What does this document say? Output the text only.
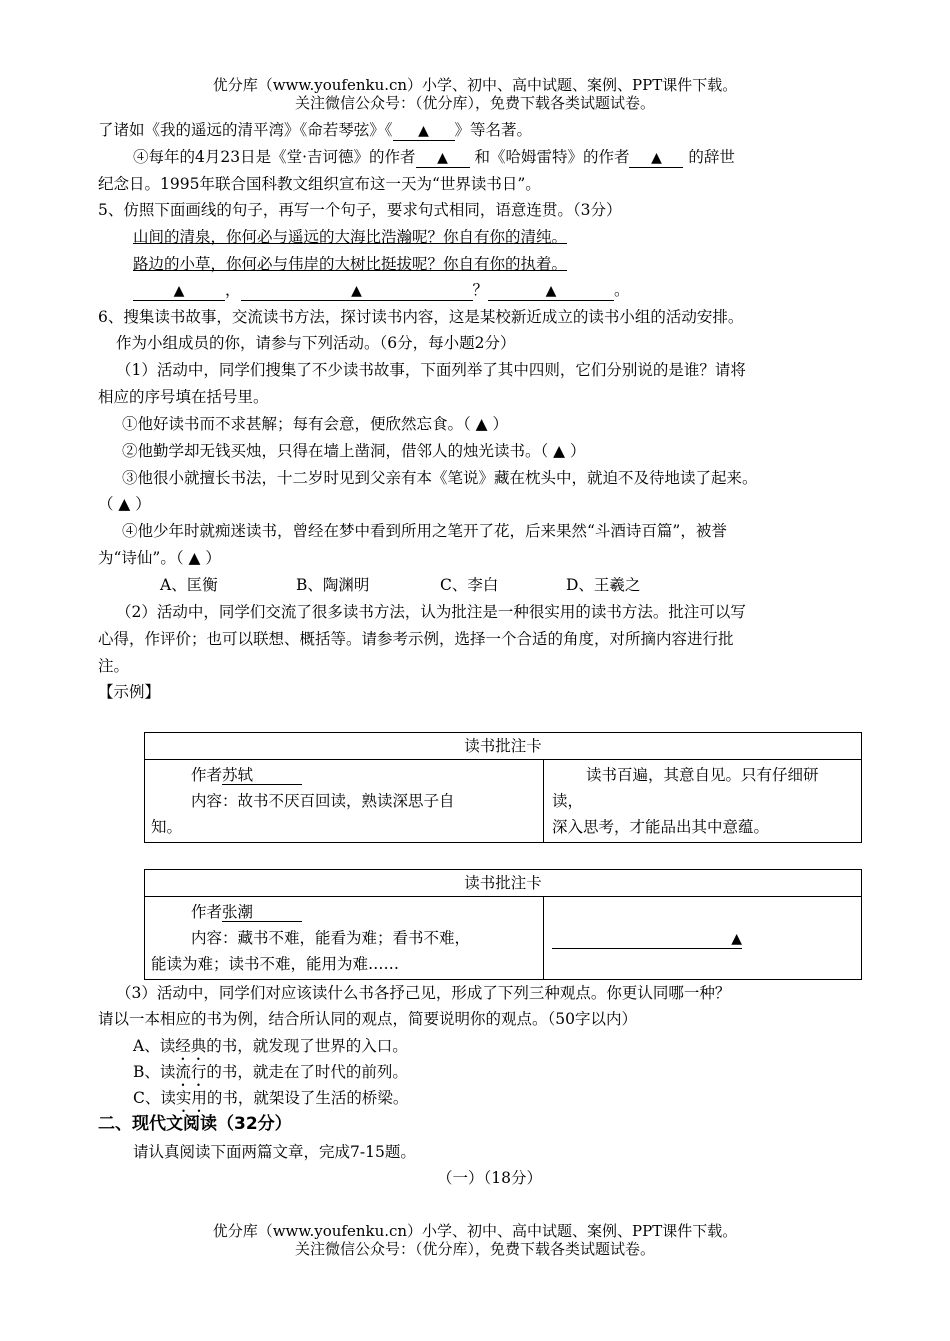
优分库（www.youfenku.cn）小学、初中、高中试题、案例、PPT课件下载。
关注微信公众号：（优分库），免费下载各类试题试卷。
了诸如《我的遥远的清平湾》《命若琴弦》《 ▲ 》等名著。
④每年的4月23日是《堂·吉诃德》的作者 ▲ 和《哈姆雷特》的作者 ▲ 的辞世
纪念日。1995年联合国科教文组织宣布这一天为“世界读书日”。
5、仿照下面画线的句子，再写一个句子，要求句式相同，语意连贯。（3分）
山间的清泉，你何必与遥远的大海比浩瀚呢？你自有你的清纯。
路边的小草，你何必与伟岸的大树比挺拔呢？你自有你的执着。
▲	，	▲	？	▲	。
6、搜集读书故事，交流读书方法，探讨读书内容，这是某校新近成立的读书小组的活动安排。
作为小组成员的你，请参与下列活动。（6分，每小题2分）
（1）活动中，同学们搜集了不少读书故事，下面列举了其中四则，它们分别说的是谁？请将
相应的序号填在括号里。
①他好读书而不求甚解；每有会意，便欣然忘食。（ ▲ ）
②他勤学却无钱买烛，只得在墙上凿洞，借邻人的烛光读书。（ ▲ ）
③他很小就擅长书法，十二岁时见到父亲有本《笔说》藏在枕头中，就迫不及待地读了起来。
（ ▲ ）
④他少年时就痴迷读书，曾经在梦中看到所用之笔开了花，后来果然“斗酒诗百篇”，被誉
为“诗仙”。（ ▲ ）
A、匡衡	B、陶渊明	C、李白	D、王羲之
（2）活动中，同学们交流了很多读书方法，认为批注是一种很实用的读书方法。批注可以写
心得，作评价；也可以联想、概括等。请参考示例，选择一个合适的角度，对所摘内容进行批
注。
【示例】
读书批注卡

作者苏轼
内容：故书不厌百回读，熟读深思子自
知。

读书百遍，其意自见。只有仔细研
读，
深入思考，才能品出其中意蕴。
读书批注卡

作者张潮
内容：藏书不难，能看为难；看书不难，
能读为难；读书不难，能用为难……

▲
（3）活动中，同学们对应该读什么书各抒己见，形成了下列三种观点。你更认同哪一种？
请以一本相应的书为例，结合所认同的观点，简要说明你的观点。（50字以内）
A、读经典的书，就发现了世界的入口。
B、读流行的书，就走在了时代的前列。
C、读实用的书，就架设了生活的桥梁。
二、现代文阅读（32分）
请认真阅读下面两篇文章，完成7-15题。
（一）（18分）
优分库（www.youfenku.cn）小学、初中、高中试题、案例、PPT课件下载。
关注微信公众号：（优分库），免费下载各类试题试卷。
